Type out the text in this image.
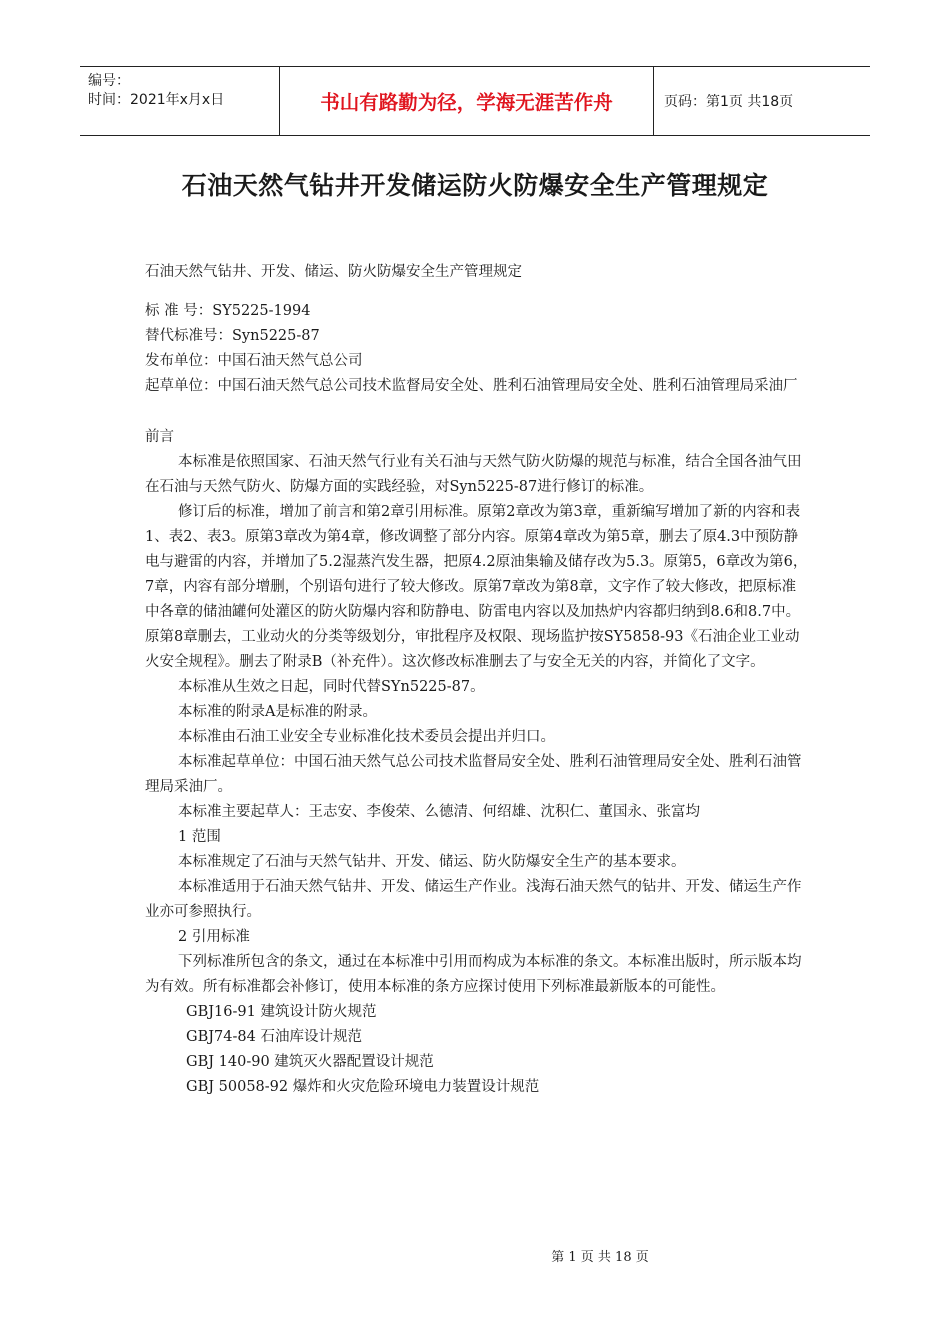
编号：
时间：2021年x月x日	书山有路勤为径，学海无涯苦作舟	页码：第1页 共18页
石油天然气钻井开发储运防火防爆安全生产管理规定

石油天然气钻井、开发、储运、防火防爆安全生产管理规定

标 准 号：SY5225-1994

替代标准号：Syn5225-87

发布单位：中国石油天然气总公司

起草单位：中国石油天然气总公司技术监督局安全处、胜利石油管理局安全处、胜利石油管理局采油厂

前言

本标准是依照国家、石油天然气行业有关石油与天然气防火防爆的规范与标准，结合全国各油气田在石油与天然气防火、防爆方面的实践经验，对Syn5225-87进行修订的标准。

修订后的标准，增加了前言和第2章引用标准。原第2章改为第3章，重新编写增加了新的内容和表1、表2、表3。原第3章改为第4章，修改调整了部分内容。原第4章改为第5章，删去了原4.3中预防静电与避雷的内容，并增加了5.2湿蒸汽发生器，把原4.2原油集输及储存改为5.3。原第5，6章改为第6，7章，内容有部分增删，个别语句进行了较大修改。原第7章改为第8章，文字作了较大修改，把原标准中各章的储油罐何处灌区的防火防爆内容和防静电、防雷电内容以及加热炉内容都归纳到8.6和8.7中。原第8章删去，工业动火的分类等级划分，审批程序及权限、现场监护按SY5858-93《石油企业工业动火安全规程》。删去了附录B（补充件）。这次修改标准删去了与安全无关的内容，并简化了文字。

本标准从生效之日起，同时代替SYn5225-87。

本标准的附录A是标准的附录。

本标准由石油工业安全专业标准化技术委员会提出并归口。

本标准起草单位：中国石油天然气总公司技术监督局安全处、胜利石油管理局安全处、胜利石油管理局采油厂。

本标准主要起草人：王志安、李俊荣、么德清、何绍雄、沈积仁、董国永、张富均

1 范围

本标准规定了石油与天然气钻井、开发、储运、防火防爆安全生产的基本要求。

本标准适用于石油天然气钻井、开发、储运生产作业。浅海石油天然气的钻井、开发、储运生产作业亦可参照执行。

2 引用标准

下列标准所包含的条文，通过在本标准中引用而构成为本标准的条文。本标准出版时，所示版本均为有效。所有标准都会补修订，使用本标准的条方应探讨使用下列标准最新版本的可能性。

GBJ16-91 建筑设计防火规范

GBJ74-84 石油库设计规范

GBJ 140-90 建筑灭火器配置设计规范

GBJ 50058-92 爆炸和火灾危险环境电力装置设计规范

第 1 页 共 18 页
